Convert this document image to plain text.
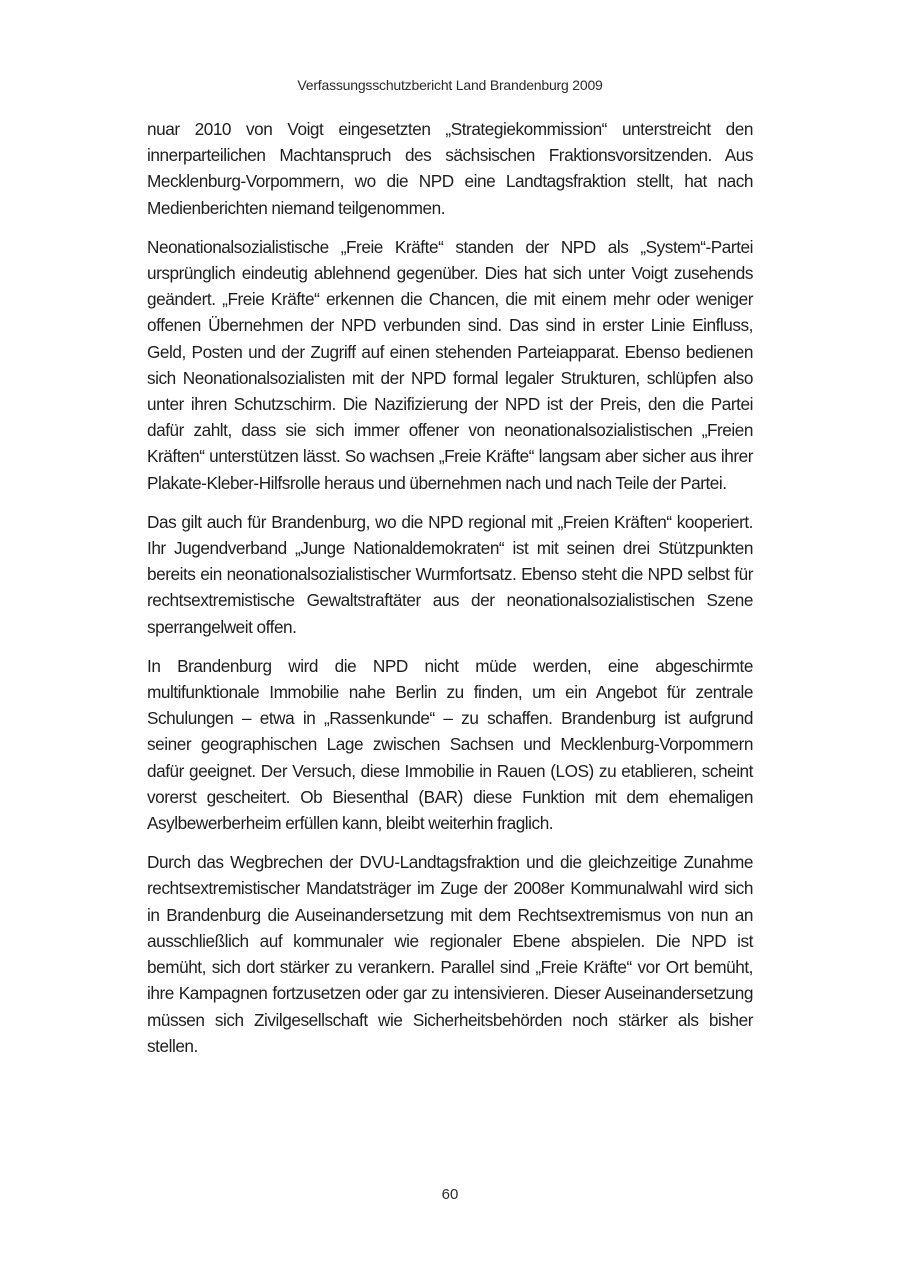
Verfassungsschutzbericht Land Brandenburg 2009

nuar 2010 von Voigt eingesetzten „Strategiekommission“ unterstreicht den innerparteilichen Machtanspruch des sächsischen Fraktionsvorsitzenden. Aus Mecklenburg-Vorpommern, wo die NPD eine Landtagsfraktion stellt, hat nach Medienberichten niemand teilgenommen.

Neonationalsozialistische „Freie Kräfte“ standen der NPD als „System“-Partei ursprünglich eindeutig ablehnend gegenüber. Dies hat sich unter Voigt zusehends geändert. „Freie Kräfte“ erkennen die Chancen, die mit einem mehr oder weniger offenen Übernehmen der NPD verbunden sind. Das sind in erster Linie Einfluss, Geld, Posten und der Zugriff auf einen stehenden Parteiapparat. Ebenso bedienen sich Neonationalsozialisten mit der NPD formal legaler Strukturen, schlüpfen also unter ihren Schutzschirm. Die Nazifizierung der NPD ist der Preis, den die Partei dafür zahlt, dass sie sich immer offener von neonationalsozialistischen „Freien Kräften“ unterstützen lässt. So wachsen „Freie Kräfte“ langsam aber sicher aus ihrer Plakate-Kleber-Hilfsrolle heraus und übernehmen nach und nach Teile der Partei.

Das gilt auch für Brandenburg, wo die NPD regional mit „Freien Kräften“ kooperiert. Ihr Jugendverband „Junge Nationaldemokraten“ ist mit seinen drei Stützpunkten bereits ein neonationalsozialistischer Wurmfortsatz. Ebenso steht die NPD selbst für rechtsextremistische Gewaltstraftäter aus der neonationalsozialistischen Szene sperrangelweit offen.

In Brandenburg wird die NPD nicht müde werden, eine abgeschirmte multifunktionale Immobilie nahe Berlin zu finden, um ein Angebot für zentrale Schulungen – etwa in „Rassenkunde“ – zu schaffen. Brandenburg ist aufgrund seiner geographischen Lage zwischen Sachsen und Mecklenburg-Vorpommern dafür geeignet. Der Versuch, diese Immobilie in Rauen (LOS) zu etablieren, scheint vorerst gescheitert. Ob Biesenthal (BAR) diese Funktion mit dem ehemaligen Asylbewerberheim erfüllen kann, bleibt weiterhin fraglich.

Durch das Wegbrechen der DVU-Landtagsfraktion und die gleichzeitige Zunahme rechtsextremistischer Mandatsträger im Zuge der 2008er Kommunalwahl wird sich in Brandenburg die Auseinandersetzung mit dem Rechtsextremismus von nun an ausschließlich auf kommunaler wie regionaler Ebene abspielen. Die NPD ist bemüht, sich dort stärker zu verankern. Parallel sind „Freie Kräfte“ vor Ort bemüht, ihre Kampagnen fortzusetzen oder gar zu intensivieren. Dieser Auseinandersetzung müssen sich Zivilgesellschaft wie Sicherheitsbehörden noch stärker als bisher stellen.

60
